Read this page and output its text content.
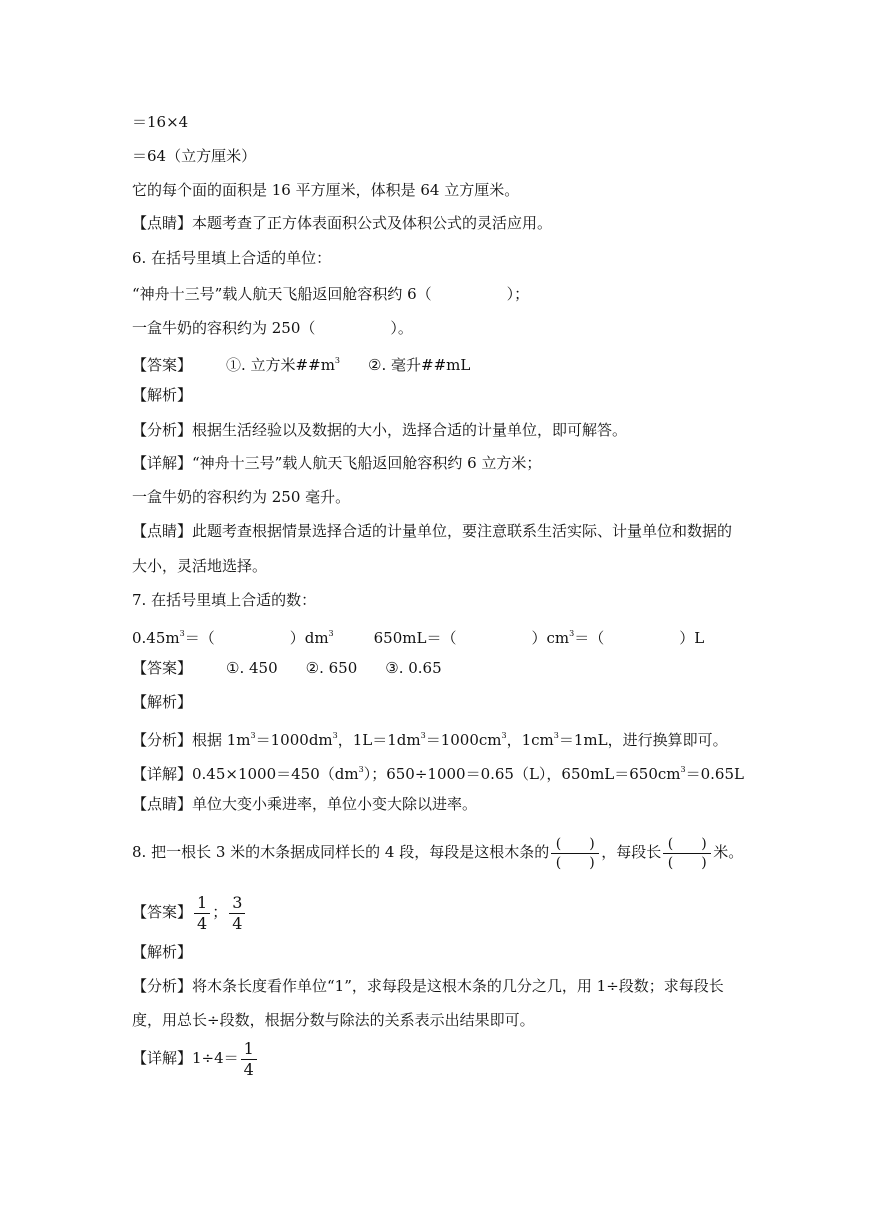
＝16×4
＝64（立方厘米）
它的每个面的面积是 16 平方厘米，体积是 64 立方厘米。
【点睛】本题考查了正方体表面积公式及体积公式的灵活应用。
6. 在括号里填上合适的单位：
“神舟十三号”载人航天飞船返回舱容积约 6（　　　　　）；
一盒牛奶的容积约为 250（　　　　　）。
【答案】 ①. 立方米$\#\#m^3$ ②. 毫升##mL
【解析】
【分析】根据生活经验以及数据的大小，选择合适的计量单位，即可解答。
【详解】“神舟十三号”载人航天飞船返回舱容积约 6 立方米；
一盒牛奶的容积约为 250 毫升。
【点睛】此题考查根据情景选择合适的计量单位，要注意联系生活实际、计量单位和数据的
大小，灵活地选择。
7. 在括号里填上合适的数：
$0.45m^3=$（　　　　　）$dm^3$	650mL＝（　　　　　）$cm^3=$（　　　　　）L
【答案】 ①. 450 ②. 650 ③. 0.65
【解析】
【分析】根据 $1m^3=1000dm^3$，$1L=1dm^3=1000cm^3$，$1cm^3=1mL$，进行换算即可。
【详解】$0.45\times 1000=450(dm^3)$；650÷1000＝0.65（L），$650mL=650cm^3=0.65L$
【点睛】单位大变小乘进率，单位小变大除以进率。
8. 把一根长 3 米的木条据成同样长的 4 段，每段是这根木条的 $\frac{( )}{( )}$ ，每段长 $\frac{( )}{( )}$ 米。
【答案】 $\frac{1}{4}$ ； $\frac{3}{4}$
【解析】
【分析】将木条长度看作单位“1”，求每段是这根木条的几分之几，用 1÷段数；求每段长
度，用总长÷段数，根据分数与除法的关系表示出结果即可。
【详解】$1\div 4= \frac{1}{4}$
